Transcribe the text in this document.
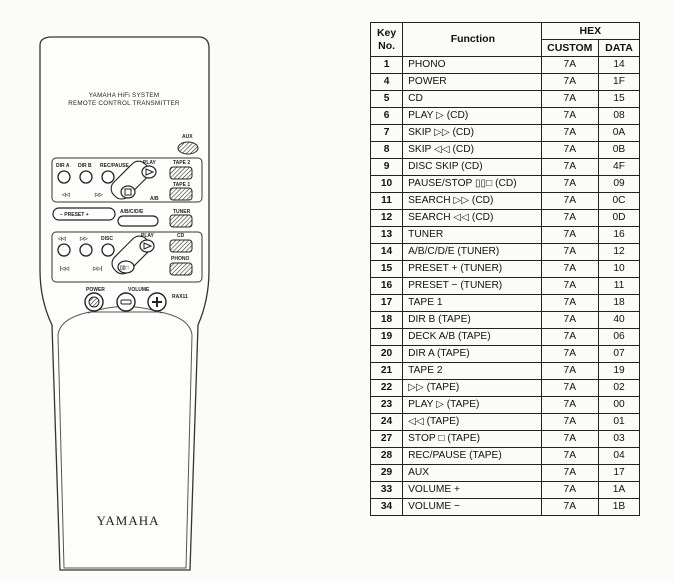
YAMAHA HiFi SYSTEM
REMOTE CONTROL TRANSMITTER
AUX
DIR A DIR B REC/PAUSE	PLAY	TAPE 2
◁◁	▷▷
A/B
TAPE 1
− PRESET +	A/B/C/D/E	TUNER
◁◁	▷▷	DISC	PLAY	CD
|◁◁	▷▷|	▯▯□
PHONO
POWER	VOLUME
RAX11
YAMAHA
Key
No.	Function	HEX	
		CUSTOM	DATA
1	PHONO	7A	14
4	POWER	7A	1F
5	CD	7A	15
6	PLAY ▷ (CD)	7A	08
7	SKIP ▷▷ (CD)	7A	0A
8	SKIP ◁◁ (CD)	7A	0B
9	DISC SKIP (CD)	7A	4F
10	PAUSE/STOP ▯▯□ (CD)	7A	09
11	SEARCH ▷▷ (CD)	7A	0C
12	SEARCH ◁◁ (CD)	7A	0D
13	TUNER	7A	16
14	A/B/C/D/E (TUNER)	7A	12
15	PRESET + (TUNER)	7A	10
16	PRESET − (TUNER)	7A	11
17	TAPE 1	7A	18
18	DIR B (TAPE)	7A	40
19	DECK A/B (TAPE)	7A	06
20	DIR A (TAPE)	7A	07
21	TAPE 2	7A	19
22	▷▷ (TAPE)	7A	02
23	PLAY ▷ (TAPE)	7A	00
24	◁◁ (TAPE)	7A	01
27	STOP □ (TAPE)	7A	03
28	REC/PAUSE (TAPE)	7A	04
29	AUX	7A	17
33	VOLUME +	7A	1A
34	VOLUME −	7A	1B
